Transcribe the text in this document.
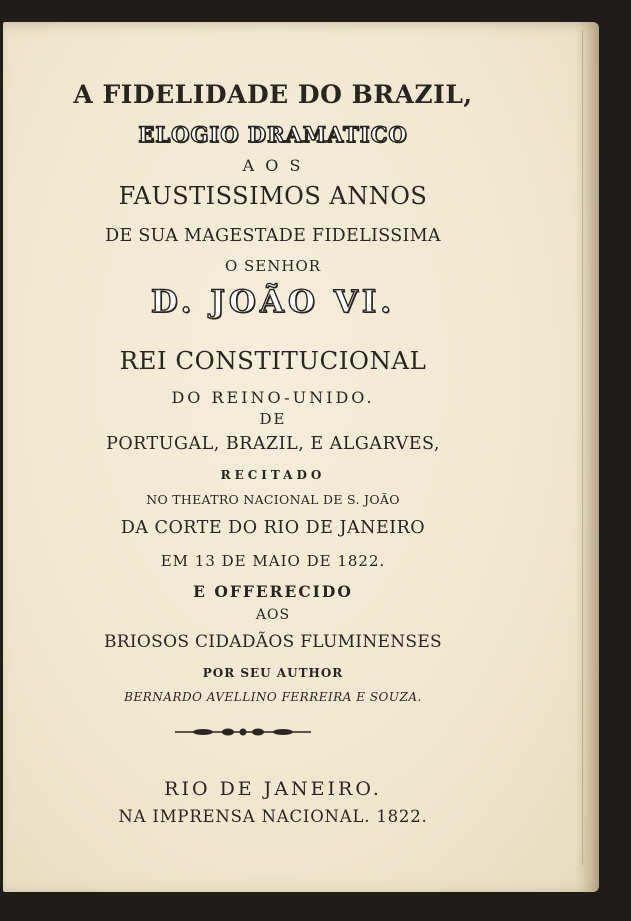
A FIDELIDADE DO BRAZIL,
ELOGIO DRAMATICO
A O S
FAUSTISSIMOS ANNOS
DE SUA MAGESTADE FIDELISSIMA
O SENHOR
D. JOÃO VI.
REI CONSTITUCIONAL
DO REINO-UNIDO.
DE
PORTUGAL, BRAZIL, E ALGARVES,
RECITADO
NO THEATRO NACIONAL DE S. JOÃO
DA CORTE DO RIO DE JANEIRO
EM 13 DE MAIO DE 1822.
E OFFERECIDO
AOS
BRIOSOS CIDADÃOS FLUMINENSES
POR SEU AUTHOR
BERNARDO AVELLINO FERREIRA E SOUZA.
RIO DE JANEIRO.
NA IMPRENSA NACIONAL. 1822.
